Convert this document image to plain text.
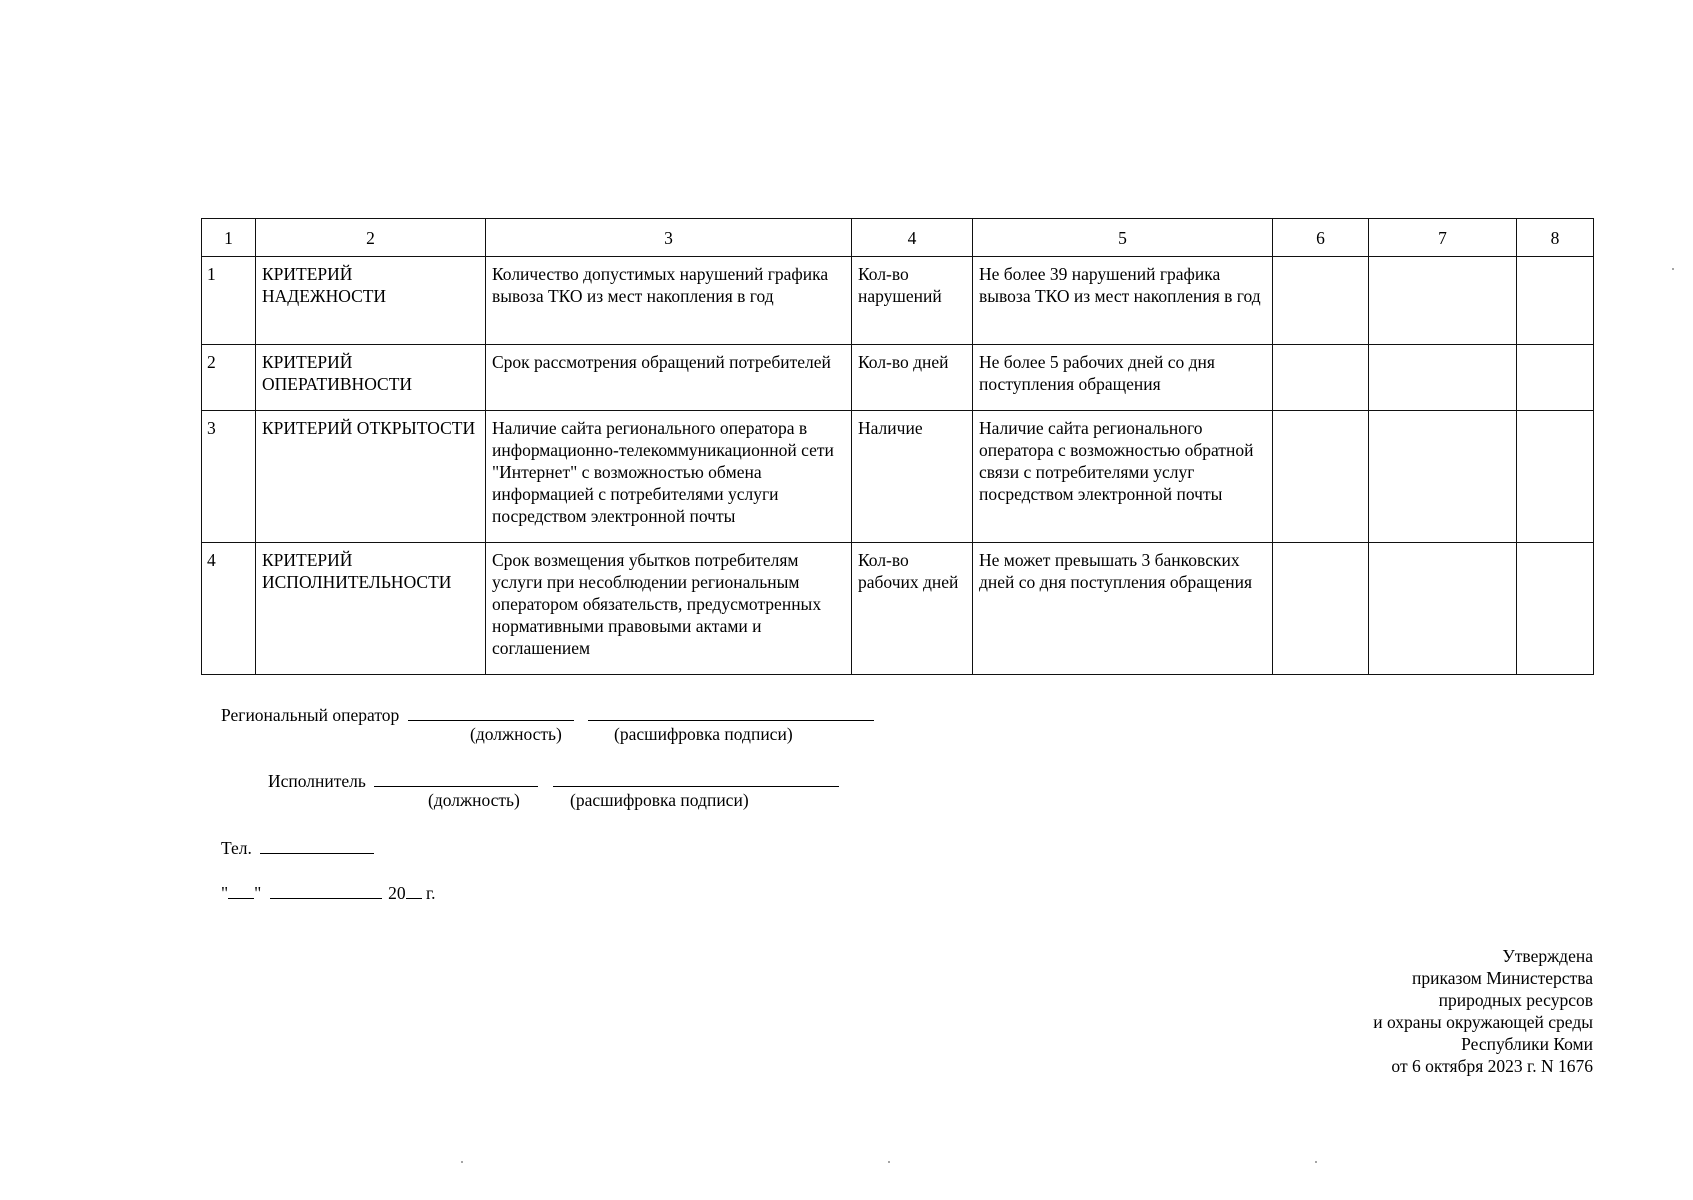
1	2	3	4	5	6	7	8
1	КРИТЕРИЙ НАДЕЖНОСТИ	Количество допустимых нарушений графика вывоза ТКО из мест накопления в год	Кол-во нарушений	Не более 39 нарушений графика вывоза ТКО из мест накопления в год			
2	КРИТЕРИЙ ОПЕРАТИВНОСТИ	Срок рассмотрения обращений потребителей	Кол-во дней	Не более 5 рабочих дней со дня поступления обращения			
3	КРИТЕРИЙ ОТКРЫТОСТИ	Наличие сайта регионального оператора в информационно-телекоммуникационной сети "Интернет" с возможностью обмена информацией с потребителями услуги посредством электронной почты	Наличие	Наличие сайта регионального оператора с возможностью обратной связи с потребителями услуг посредством электронной почты			
4	КРИТЕРИЙ ИСПОЛНИТЕЛЬНОСТИ	Срок возмещения убытков потребителям услуги при несоблюдении региональным оператором обязательств, предусмотренных нормативными правовыми актами и соглашением	Кол-во рабочих дней	Не может превышать 3 банковских дней со дня поступления обращения			
Региональный оператор
(должность)	(расшифровка подписи)
Исполнитель
(должность)	(расшифровка подписи)
Тел.
" "	20 г.
Утверждена
приказом Министерства
природных ресурсов
и охраны окружающей среды
Республики Коми
от 6 октября 2023 г. N 1676
